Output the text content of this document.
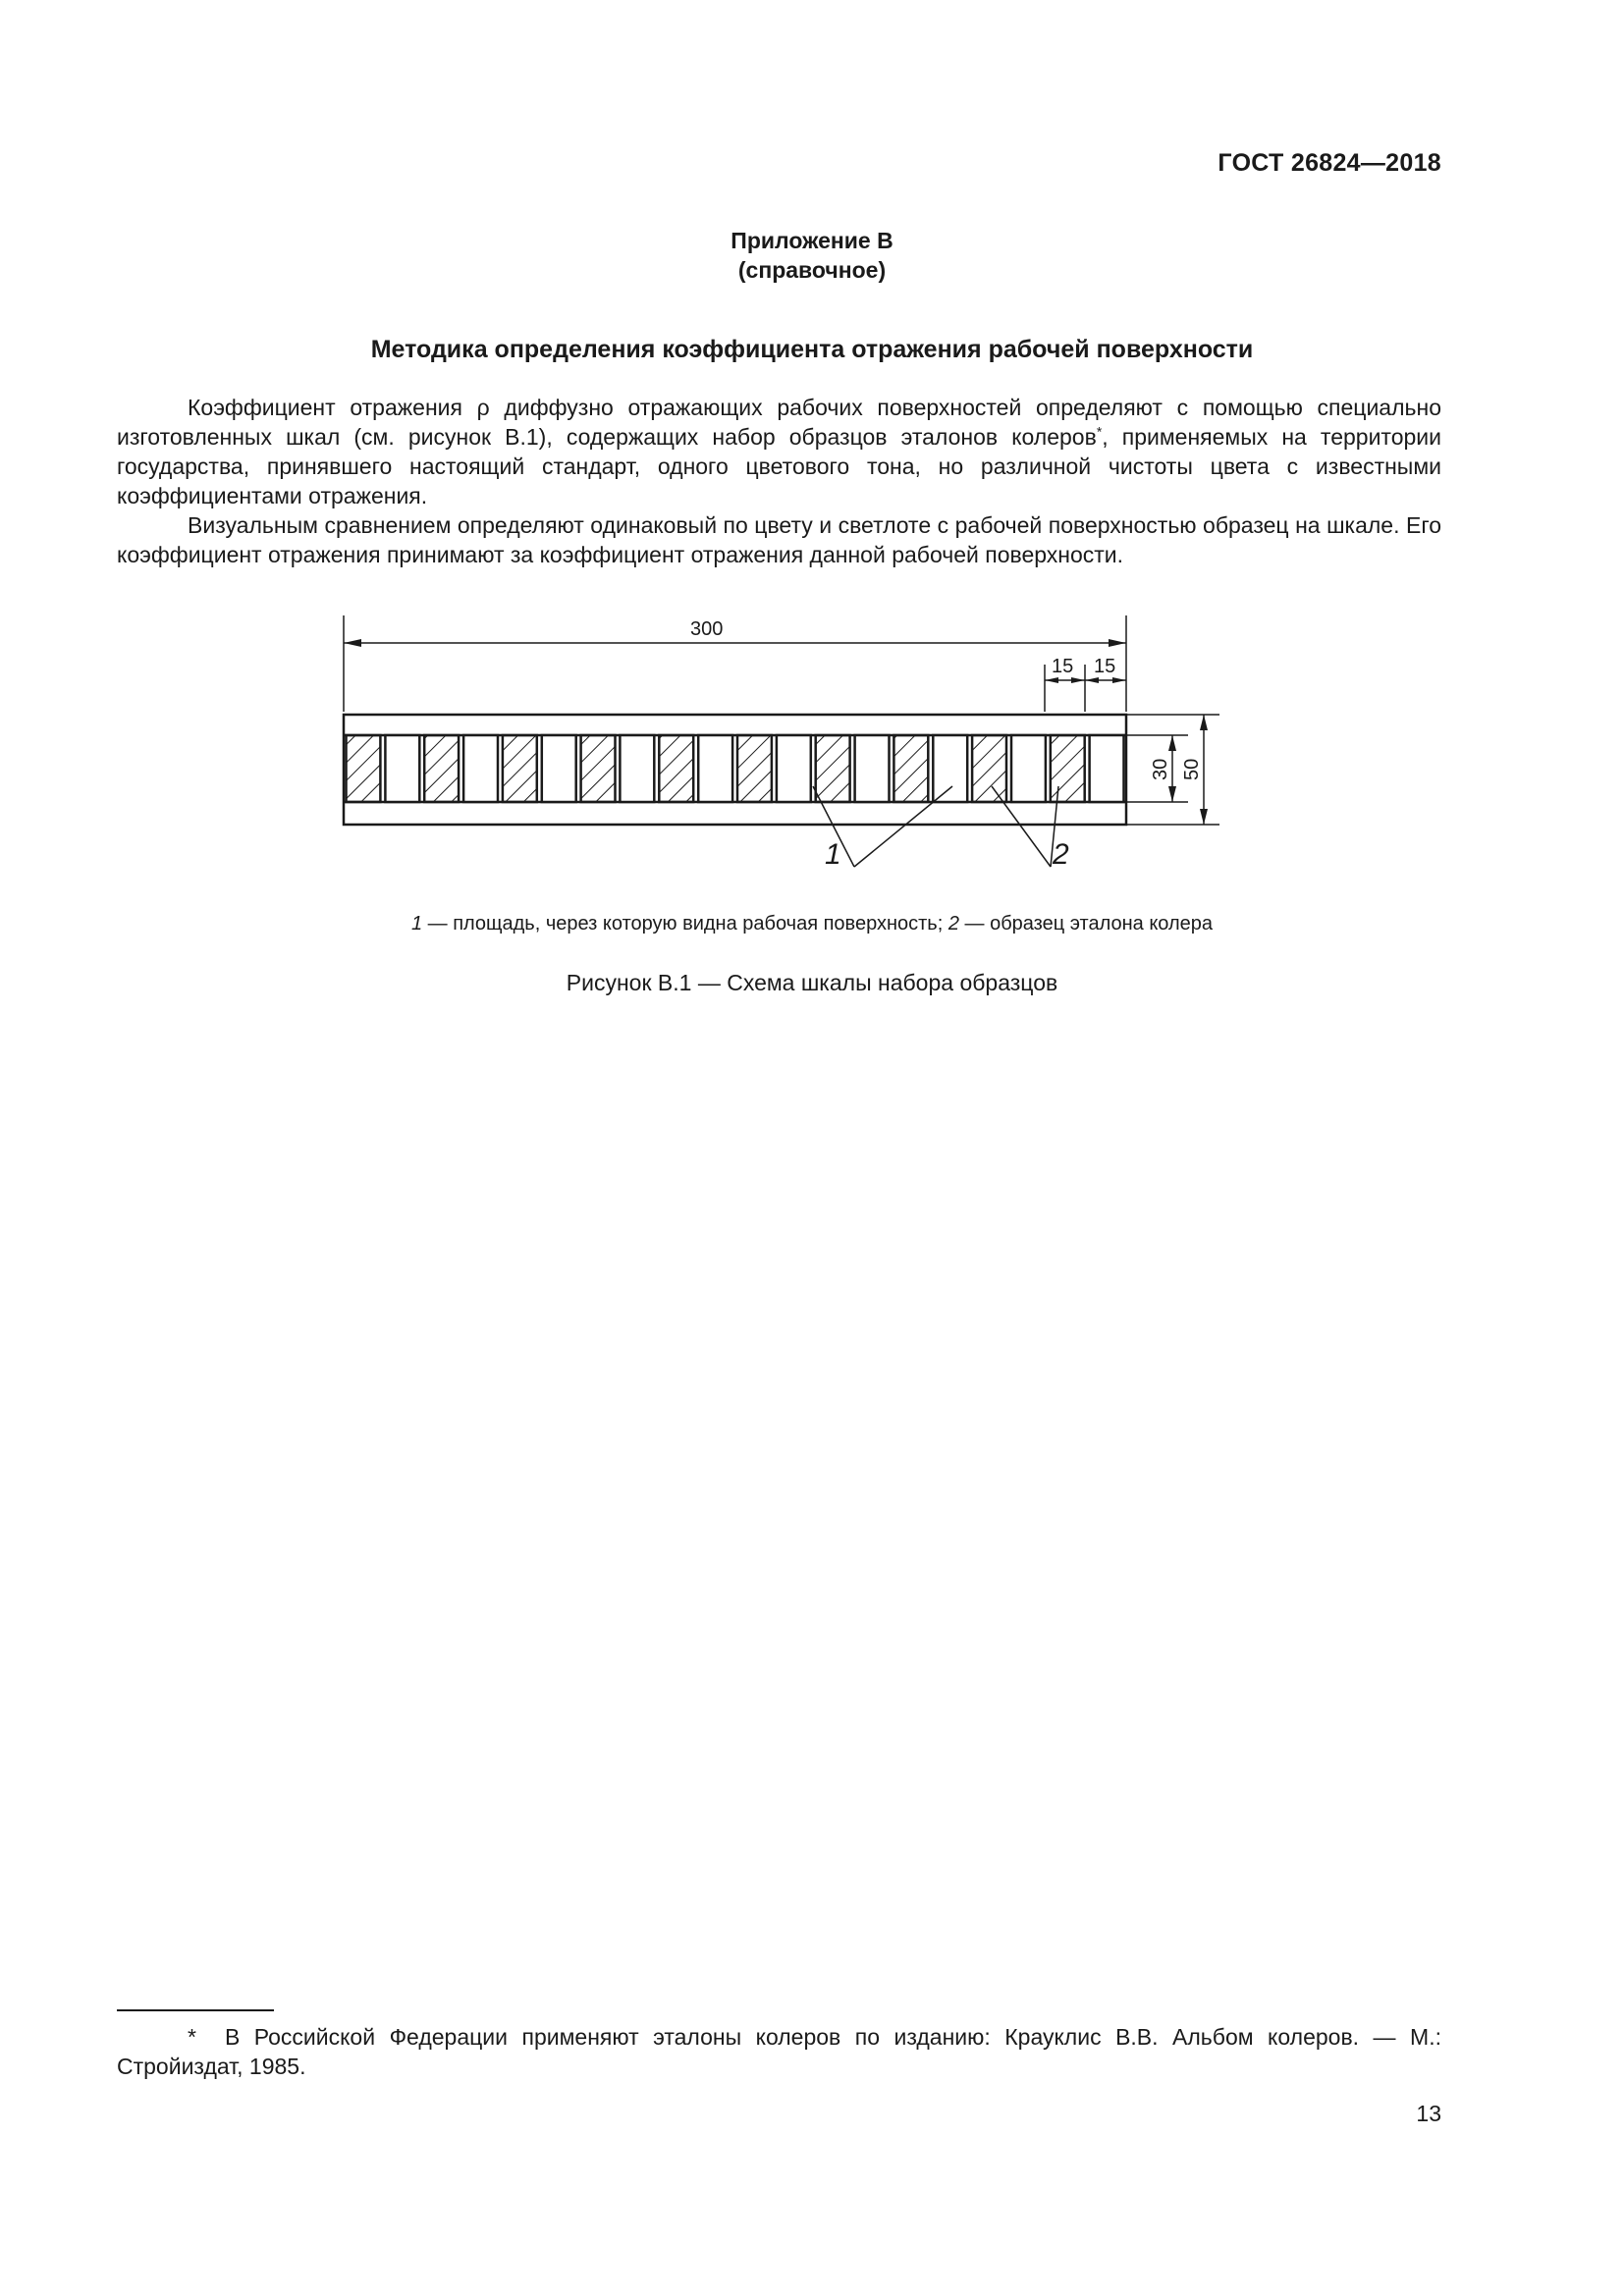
ГОСТ 26824—2018
Приложение В
(справочное)
Методика определения коэффициента отражения рабочей поверхности

Коэффициент отражения ρ диффузно отражающих рабочих поверхностей определяют с помощью специально изготовленных шкал (см. рисунок В.1), содержащих набор образцов эталонов колеров*, применяемых на территории государства, принявшего настоящий стандарт, одного цветового тона, но различной чистоты цвета с известными коэффициентами отражения.

Визуальным сравнением определяют одинаковый по цвету и светлоте с рабочей поверхностью образец на шкале. Его коэффициент отражения принимают за коэффициент отражения данной рабочей поверхности.

300
15 15
30 50
1	2
1 — площадь, через которую видна рабочая поверхность; 2 — образец эталона колера
Рисунок В.1 — Схема шкалы набора образцов

* В Российской Федерации применяют эталоны колеров по изданию: Крауклис В.В. Альбом колеров. — М.: Стройиздат, 1985.

13
